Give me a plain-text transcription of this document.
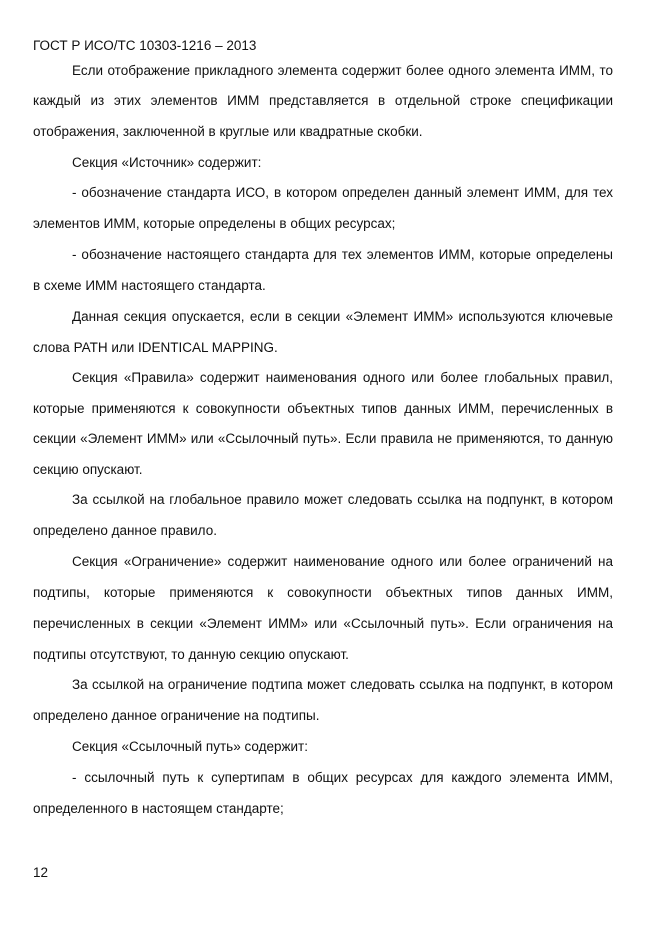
ГОСТ Р ИСО/ТС 10303-1216 – 2013
Если отображение прикладного элемента содержит более одного элемента ИММ, то
каждый из этих элементов ИММ представляется в отдельной строке спецификации
отображения, заключенной в круглые или квадратные скобки.
Секция «Источник» содержит:
- обозначение стандарта ИСО, в котором определен данный элемент ИММ, для тех
элементов ИММ, которые определены в общих ресурсах;
- обозначение настоящего стандарта для тех элементов ИММ, которые определены
в схеме ИММ настоящего стандарта.
Данная секция опускается, если в секции «Элемент ИММ» используются ключевые
слова PATH или IDENTICAL MAPPING.
Секция «Правила» содержит наименования одного или более глобальных правил,
которые применяются к совокупности объектных типов данных ИММ, перечисленных в
секции «Элемент ИММ» или «Ссылочный путь». Если правила не применяются, то данную
секцию опускают.
За ссылкой на глобальное правило может следовать ссылка на подпункт, в котором
определено данное правило.
Секция «Ограничение» содержит наименование одного или более ограничений на
подтипы, которые применяются к совокупности объектных типов данных ИММ,
перечисленных в секции «Элемент ИММ» или «Ссылочный путь». Если ограничения на
подтипы отсутствуют, то данную секцию опускают.
За ссылкой на ограничение подтипа может следовать ссылка на подпункт, в котором
определено данное ограничение на подтипы.
Секция «Ссылочный путь» содержит:
- ссылочный путь к супертипам в общих ресурсах для каждого элемента ИММ,
определенного в настоящем стандарте;
12
